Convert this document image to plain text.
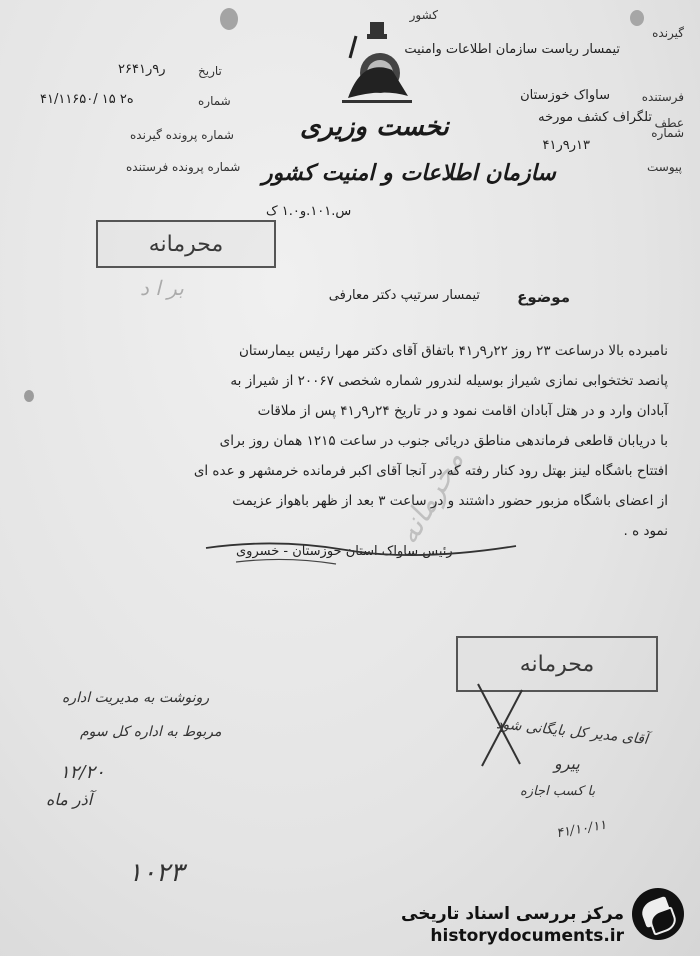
کشور
گیرنده
تیمسار ریاست سازمان اطلاعات وامنیت
فرستنده
ساواک خوزستان
عطف
تلگراف کشف مورخه
شماره
۱۳ر۹ر۴۱
پیوست
نخست وزیری
سازمان اطلاعات و امنیت کشور
س.۱۰۱.و۱.۰ ک
تاریخ
۲۶ر۹ر۴۱
شماره
۴۱/۱۱۶۵۰/ ۱۵ ۲ه
شماره پرونده گیرنده
شماره پرونده فرستنده
محرمانه
موضوع
تیمسار سرتیپ دکتر معارفی
ﺑﺮ ﺍ ﺩ

نامبرده بالا درساعت ۲۳ روز ۲۲ر۹ر۴۱ باتفاق آقای دکتر مهرا رئیس بیمارستان

پانصد تختخوابی نمازی شیراز بوسیله لندرور شماره شخصی ۲۰۰۶۷ از شیراز به

آبادان وارد و در هتل آبادان اقامت نمود و در تاریخ ۲۴ر۹ر۴۱ پس از ملاقات

با دریابان قاطعی فرماندهی مناطق دریائی جنوب در ساعت ۱۲۱۵ همان روز برای

افتتاح باشگاه لینز بهتل رود کنار رفته که در آنجا آقای اکبر فرمانده خرمشهر و عده ای

از اعضای باشگاه مزبور حضور داشتند و در ساعت ۳ بعد از ظهر باهواز عزیمت

نمود ه .

ﻣﺤﺮﻣﺎﻧﻪ
رئیس ساواک استان خوزستان - خسروی
محرمانه
رونوشت به مدیریت اداره
مربوط به اداره کل سوم
۱۲/۲۰
آذر ماه
آقای مدیر کل بایگانی شود
پیرو
با کسب اجازه
۴۱/۱۰/۱۱
۱۰۲۳
مرکز بررسی اسناد تاریخی
historydocuments.ir
